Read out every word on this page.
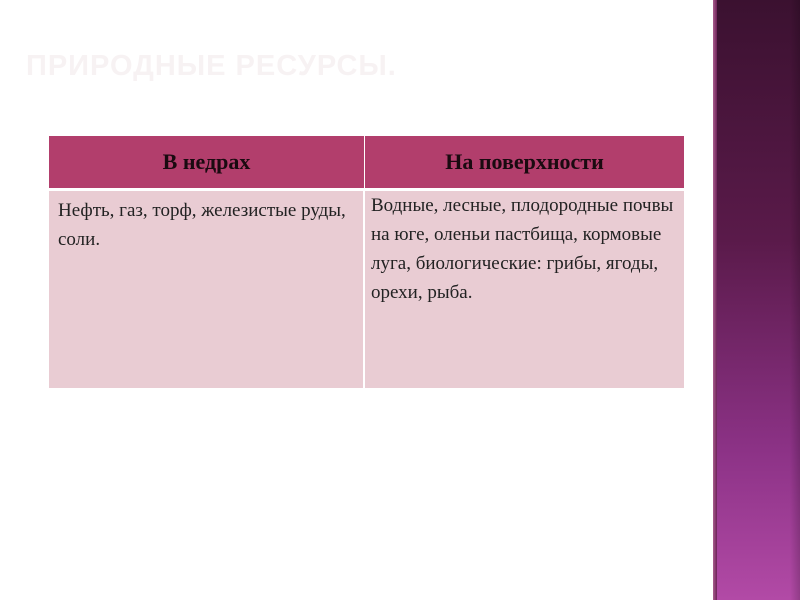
ПРИРОДНЫЕ РЕСУРСЫ.
В недрах	На поверхности
Нефть, газ, торф, железистые руды, соли.
Водные, лесные, плодородные почвы на юге, оленьи пастбища, кормовые луга, биологические: грибы, ягоды, орехи, рыба.
